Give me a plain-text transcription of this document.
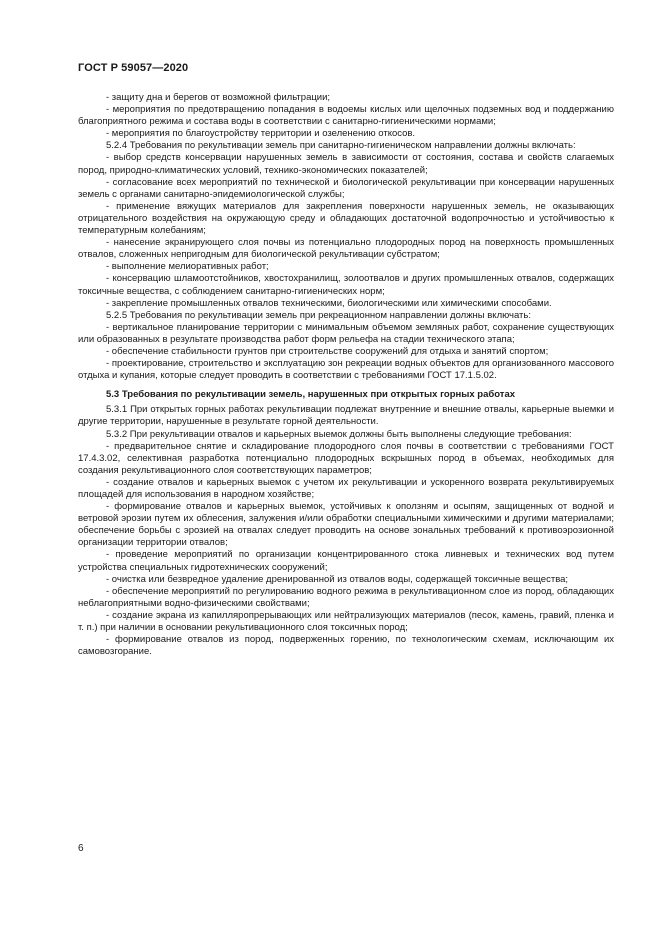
ГОСТ Р 59057—2020

- защиту дна и берегов от возможной фильтрации;

- мероприятия по предотвращению попадания в водоемы кислых или щелочных подземных вод и поддержанию благоприятного режима и состава воды в соответствии с санитарно-гигиеническими нормами;

- мероприятия по благоустройству территории и озеленению откосов.

5.2.4 Требования по рекультивации земель при санитарно-гигиеническом направлении должны включать:

- выбор средств консервации нарушенных земель в зависимости от состояния, состава и свойств слагаемых пород, природно-климатических условий, технико-экономических показателей;

- согласование всех мероприятий по технической и биологической рекультивации при консервации нарушенных земель с органами санитарно-эпидемиологической службы;

- применение вяжущих материалов для закрепления поверхности нарушенных земель, не оказывающих отрицательного воздействия на окружающую среду и обладающих достаточной водопрочностью и устойчивостью к температурным колебаниям;

- нанесение экранирующего слоя почвы из потенциально плодородных пород на поверхность промышленных отвалов, сложенных непригодным для биологической рекультивации субстратом;

- выполнение мелиоративных работ;

- консервацию шламоотстойников, хвостохранилищ, золоотвалов и других промышленных отвалов, содержащих токсичные вещества, с соблюдением санитарно-гигиенических норм;

- закрепление промышленных отвалов техническими, биологическими или химическими способами.

5.2.5 Требования по рекультивации земель при рекреационном направлении должны включать:

- вертикальное планирование территории с минимальным объемом земляных работ, сохранение существующих или образованных в результате производства работ форм рельефа на стадии технического этапа;

- обеспечение стабильности грунтов при строительстве сооружений для отдыха и занятий спортом;

- проектирование, строительство и эксплуатацию зон рекреации водных объектов для организованного массового отдыха и купания, которые следует проводить в соответствии с требованиями ГОСТ 17.1.5.02.

5.3 Требования по рекультивации земель, нарушенных при открытых горных работах

5.3.1 При открытых горных работах рекультивации подлежат внутренние и внешние отвалы, карьерные выемки и другие территории, нарушенные в результате горной деятельности.

5.3.2 При рекультивации отвалов и карьерных выемок должны быть выполнены следующие требования:

- предварительное снятие и складирование плодородного слоя почвы в соответствии с требованиями ГОСТ 17.4.3.02, селективная разработка потенциально плодородных вскрышных пород в объемах, необходимых для создания рекультивационного слоя соответствующих параметров;

- создание отвалов и карьерных выемок с учетом их рекультивации и ускоренного возврата рекультивируемых площадей для использования в народном хозяйстве;

- формирование отвалов и карьерных выемок, устойчивых к оползням и осыпям, защищенных от водной и ветровой эрозии путем их облесения, залужения и/или обработки специальными химическими и другими материалами; обеспечение борьбы с эрозией на отвалах следует проводить на основе зональных требований к противоэрозионной организации территории отвалов;

- проведение мероприятий по организации концентрированного стока ливневых и технических вод путем устройства специальных гидротехнических сооружений;

- очистка или безвредное удаление дренированной из отвалов воды, содержащей токсичные вещества;

- обеспечение мероприятий по регулированию водного режима в рекультивационном слое из пород, обладающих неблагоприятными водно-физическими свойствами;

- создание экрана из капилляропрерывающих или нейтрализующих материалов (песок, камень, гравий, пленка и т. п.) при наличии в основании рекультивационного слоя токсичных пород;

- формирование отвалов из пород, подверженных горению, по технологическим схемам, исключающим их самовозгорание.

6
